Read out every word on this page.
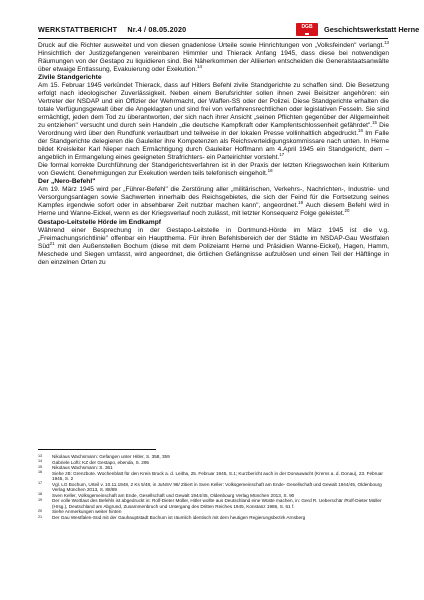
WERKSTATTBERICHT Nr.4 / 08.05.2020	DGB	Geschichtswerkstatt Herne

Druck auf die Richter ausweitet und von diesen gnadenlose Urteile sowie Hinrichtungen von „Volksfeinden" verlangt.$^{13}$ Hinsichtlich der Justizgefangenen vereinbaren Himmler und Thierack Anfang 1945, dass diese bei notwendigen Räumungen von der Gestapo zu liquidieren sind. Bei Näherkommen der Alliierten entscheiden die Generalstaatsanwälte über etwaige Entlassung, Evakuierung oder Exekution.$^{14}$

Zivile Standgerichte

Am 15. Februar 1945 verkündet Thierack, dass auf Hitlers Befehl zivile Standgerichte zu schaffen sind. Die Besetzung erfolgt nach ideologischer Zuverlässigkeit. Neben einem Berufsrichter sollen ihnen zwei Beisitzer angehören: ein Vertreter der NSDAP und ein Offizier der Wehrmacht, der Waffen-SS oder der Polizei. Diese Standgerichte erhalten die totale Verfügungsgewalt über die Angeklagten und sind frei von verfahrensrechtlichen oder legislativen Fesseln. Sie sind ermächtigt, jeden dem Tod zu überantworten, der sich nach ihrer Ansicht „seinen Pflichten gegenüber der Allgemeinheit zu entziehen" versucht und durch sein Handeln „die deutsche Kampfkraft oder Kampfentschlossenheit gefährdet".$^{15}$ Die Verordnung wird über den Rundfunk verlautbart und teilweise in der lokalen Presse vollinhaltlich abgedruckt.$^{16}$ Im Falle der Standgerichte delegieren die Gauleiter ihre Kompetenzen als Reichsverteidigungskommissare nach unten. In Herne bildet Kreisleiter Karl Nieper nach Ermächtigung durch Gauleiter Hoffmann am 4.April 1945 ein Standgericht, dem –angeblich in Ermangelung eines geeigneten Strafrichters- ein Parteirichter vorsteht.$^{17}$

Die formal korrekte Durchführung der Standgerichtsverfahren ist in der Praxis der letzten Kriegswochen kein Kriterium von Gewicht. Genehmigungen zur Exekution werden teils telefonisch eingeholt.$^{18}$

Der „Nero-Befehl"

Am 19. März 1945 wird per „Führer-Befehl" die Zerstörung aller „militärischen, Verkehrs-, Nachrichten-, Industrie- und Versorgungsanlagen sowie Sachwerten innerhalb des Reichsgebietes, die sich der Feind für die Fortsetzung seines Kampfes irgendwie sofort oder in absehbarer Zeit nutzbar machen kann", angeordnet.$^{19}$ Auch diesem Befehl wird in Herne und Wanne-Eickel, wenn es der Kriegsverlauf noch zulässt, mit letzter Konsequenz Folge geleistet.$^{20}$

Gestapo-Leitstelle Hörde im Endkampf

Während einer Besprechung in der Gestapo-Leitstelle in Dortmund-Hörde im März 1945 ist die v.g. „Freimachungsrichtlinie" offenbar ein Hauptthema. Für ihren Befehlsbereich der der Städte im NSDAP-Gau Westfalen Süd$^{21}$ mit den Außenstellen Bochum (diese mit dem Polizeiamt Herne und Präsidien Wanne-Eickel), Hagen, Hamm, Meschede und Siegen umfasst, wird angeordnet, die örtlichen Gefängnisse aufzulösen und einen Teil der Häftlinge in den einzelnen Orten zu

13 Nikolaus Wachsmann: Gefangen unter Hitler, S. 358, 359
14 Gabriele Lofti: KZ der Gestapo, ebenda, S. 295
15 Nikolaus Wachsmann: S. 361
16 Siehe zB: Grenzbote. Wochenblatt für den Kreis Bruck a. d. Leitha, 25. Februar 1945, S.1; Kurzbericht auch in der Donauwacht (Krems a. d. Donau), 23. Februar 1945, S. 2
17 Vgl. LG Bochum, Urteil v. 10.11.1948, 2 Ks 5/48, in JuNSV 98/ Zitiert in Sven Keller: Volksgemeinschaft am Ende- Gesellschaft und Gewalt 1944/45, Oldenbourg Verlag München 2013, S. 88/89
18 Sven Keller, Volksgemeinschaft am Ende, Gesellschaft und Gewalt 1944/45, Oldenbourg Verlag München 2013, S. 90
19 Der volle Wortlaut des Befehls ist abgedruckt in: Rolf-Dieter Müller, Hitler wollte aus Deutschland eine Wüste machen, in: Gerd R. Ueberschär /Rolf-Dieter Müller (Hrsg.), Deutschland am Abgrund, Zusammenbruch und Untergang des Dritten Reiches 1945, Konstanz 1986, S. 61 f.
20 Siehe Anmerkungen weiter hinten
21 Der Gau Westfalen-Süd mit der Gauhauptstadt Bochum ist räumlich identisch mit dem heutigen Regierungsbezirk Arnsberg
